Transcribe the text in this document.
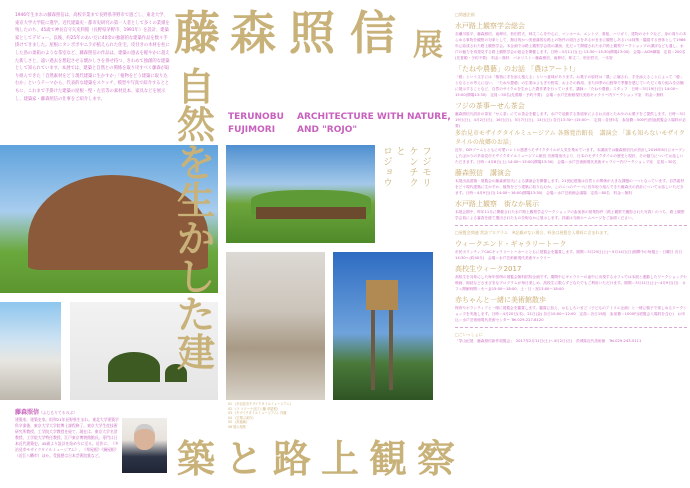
1946年生まれの藤森照信は、高校卒業まで長野県茅野市で過ごし、東北大学、東京大学大学院に進学。近代建築史・都市史研究の第一人者として多くの業績を残したのち、45歳で神長官守矢史料館（長野県茅野市、1991年）を設計、建築家としてデビュー。以後、約25年のあいだに40余の独創的な建築作品を数々手掛けてきました。屋根にタンポポやニラが植えられた住宅、皮付きの木材を柱にした鳥の巣箱のような茶室など、藤森照信の作品は、建築の過去を軽やかに超えた新しさと、遠い過去を想起させる懐かしさを併せ持つ、きわめて独創的な建築として知られています。本展では、建築と自然との関係を取り戻すべく藤森が取り組んできた「自然素材をどう現代建築に生かすか」「植物をどう建築に取り込むか」というテーマから、代表的な建築をスケッチ、模型や写真で紹介するとともに、これまで手掛けた建築の屋根・壁・左官等の素材見本、家具などを展示し、建築家・藤森照信の仕事をご紹介します。
藤 森 照 信 展
TERUNOBU
FUJIMORI
ARCHITECTURE WITH NATURE,
AND "ROJO"
フジモリ
ケンチク
と
ロジョウ
自
然
を
生
か
し
た
建
築 と 路 上 観 察
藤森照信（ふじもりてるのぶ）
建築家、建築史家。昭和21年長野県生まれ。東北大学建築学科卒業後、東京大学大学院博士課程修了。東京大学生産技術研究所教授、工学院大学教授を経て、現在は、東京大学名誉教授、工学院大学特任教授、江戸東京博物館館長。専門は日本近代建築史。45歳より設計を始め今に至る。近作に、《多治見市モザイクタイルミュージアム》、《草屋根》《銅屋根》（近江八幡市）ほか。受賞歴は日本芸術院賞など。
01 《多治見市モザイクタイルミュージアム》
02 《ラ コリーナ近江八幡 草屋根》
03 《モザイクタイルミュージアム》内観
04 《空飛ぶ泥舟》
05 《高過庵》
06 展示風景
□関連企画
水戸路上観察学会総会

赤瀬川原平、藤森照信、南伸坊、松田哲夫、林丈二らを中心に、マンホール、エントツ、看板、ハリガミ、建物のカケラなど、身の周りのあらゆる事物を観察の対象として、無目的かつ美意識的な路上の物件の面白さをあるがままに観察しあるいは採集・鑑賞する団体として1986年に結成された路上観察学会。本企画では路上観察学会員の講演、先だって開催された水戸路上観察ワークショップの講評なども通し、水戸の魅力を再発見する路上観察学会の総会を開催します。日時＝3月11日(土) 13:30〜15:30(開場13:00)　会場＝ACM劇場　定員＝200名(先着順・予約不要)　料金＝無料　パネリスト＝藤森照信、南伸坊、林丈二、松田哲夫、一木努

「たねや農藝」のお話 「農はアート!」

「藝」という文字には「植物に手を添え植える」という意味があります。お菓子の原材は「農」に属され、手を添えることによって「藝」となるとの考えに沿い、「たねや農藝」の生業はよもぎや野菜、およその栽培、また四季の山野草で季節を感じていただく取り組みを店舗に展示することなど、自然のサイクルを生かした農作業を行っています。講師＝「たねや農藝」スタッフ　日時＝3月19日(日) 14:00〜15:00(開場13:30)　定員＝30名(先着順・予約不要)　会場＝水戸芸術館現代美術ギャラリー内ワークショップ室　料金＝無料

フジの茶事ーせん茶会

藤森照信氏設計の茶室「せん茶」にてお茶会を催します。水戸で活動する茶道家によるお点前とたねやのお菓子をご提供します。日時＝3月19日(日)、4月2日(日)、16日(日)、5月7日(日)、14日(日) 各日13:30〜/15:00〜　定員＝各回5名　参加費＝500円(別途展覧会入場料が必要)

多治見市モザイクタイルミュージアム 各務寛治館長　講演会 「誰も知らないモザイクタイルの故郷のお話」

近年、DIYブームとともに可愛いレトロ感漂うモザイクタイルが人気を集めています。本講演では藤森照信氏が設計し2016年6月にオープンしたばかりの多治見市モザイクタイルミュージアム館長 各務寛治氏より、日本のモザイクタイルの歴史と現状、その魅力についてお話しいただきます。日時＝4月8日(土) 14:00〜15:00(開場13:30)　会場＝水戸芸術館現代美術ギャラリー内ワークショップ室　定員＝30名

藤森照信　講演会

本展出品建築・展覧会の藤森照信氏による講演会を開催します。21世紀建築は自然との関係が大きな課題の一つとなっています。自然素材をどう現代建築に生かすか、植物をどう建築に取り込むか、このニつのテーマに長年取り組んできた藤森氏の設計についてお話しいただきます。日時＝4月9日(日) 14:00〜16:00(開場13:30)　会場＝水戸芸術館会議場　定員＝80名　料金＝無料

水戸路上観察　街なか展示

本展会期中、昨年11月に開催された水戸路上観察学会ワークショップの参加者の採集物件（路上観察で撮影された写真）のうち、路上観察学会員による審査を経て選出されたものを街なかに展示します。詳細は当館ホームページをご参照ください。

□展覧会関連 常設プログラム　※記載がない場合、料金は展覧会入場料に含まれます。
ウィークエンド・ギャラリートーク

市民ボランティアCACギャラリートーカーとともに展覧会を鑑賞します。期間＝3月25日(土)〜5月14日(日)期間中の毎週土・日曜日 各日14:30〜(約40分)　会場＝水戸芸術館現代美術ギャラリー

高校生ウィーク2017

高校生を対象にした毎年恒例の展覧会無料招待企画です。期間中にギャラリーの途中に出現するカフェでは本展と連動したワークショップや映画、朗読などさまざまなプログラムが毎日楽しめ、高校生に限らずどなたでもご利用いただけます。期間＝3月11日(土)〜4月9日(日)　カフェ開館時間＝火〜金15:00〜18:00、土・日・祝13:00〜18:00

赤ちゃんと一緒に美術館散歩

保育やボランティアと一緒に展覧会を鑑賞します。鑑賞に加え、おもしろいまど（子どものアトリエ企画）と一緒に親子で楽しめるワークショップを実施します。日時＝4月20日(木)、21日(金) 各日10:00〜12:00　定員＝各日15組　参加費＝1000円(展覧会入場料を含む)　お申込＝水戸芸術館現代美術センター Tel.029-227-8120

□ごいっしょに

「茅山紀展　藤森照信新作展覧会」　2017年2月11日(土)〜4月2日(日)　茨城県近代美術館　Tel.029-243-5111
